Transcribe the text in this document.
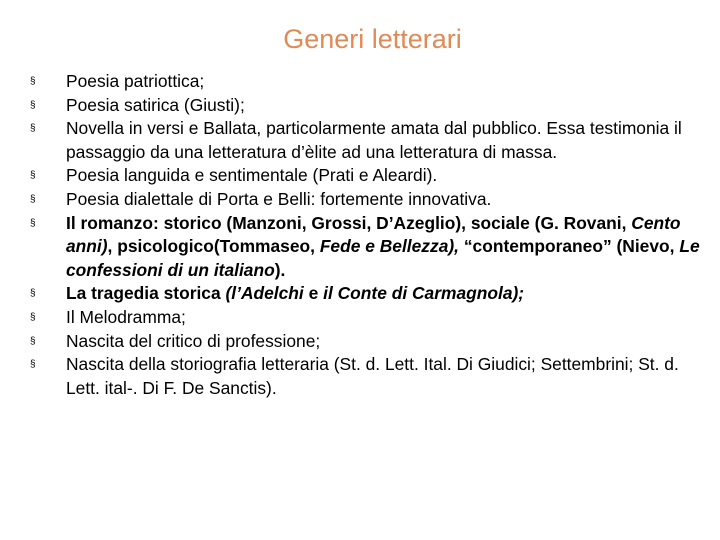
Generi letterari
§	Poesia patriottica;
§	Poesia satirica (Giusti);
§	Novella in versi e Ballata, particolarmente amata dal pubblico. Essa testimonia il passaggio da una letteratura d’èlite ad una letteratura di massa.
§	Poesia languida e sentimentale (Prati e Aleardi).
§	Poesia dialettale di Porta e Belli: fortemente innovativa.
§	Il romanzo: storico (Manzoni, Grossi, D’Azeglio), sociale (G. Rovani, Cento anni), psicologico(Tommaseo, Fede e Bellezza), “contemporaneo” (Nievo, Le confessioni di un italiano).
§	La tragedia storica (l’Adelchi e il Conte di Carmagnola);
§	Il Melodramma;
§	Nascita del critico di professione;
§	Nascita della storiografia letteraria (St. d. Lett. Ital. Di Giudici; Settembrini; St. d. Lett. ital-. Di F. De Sanctis).
